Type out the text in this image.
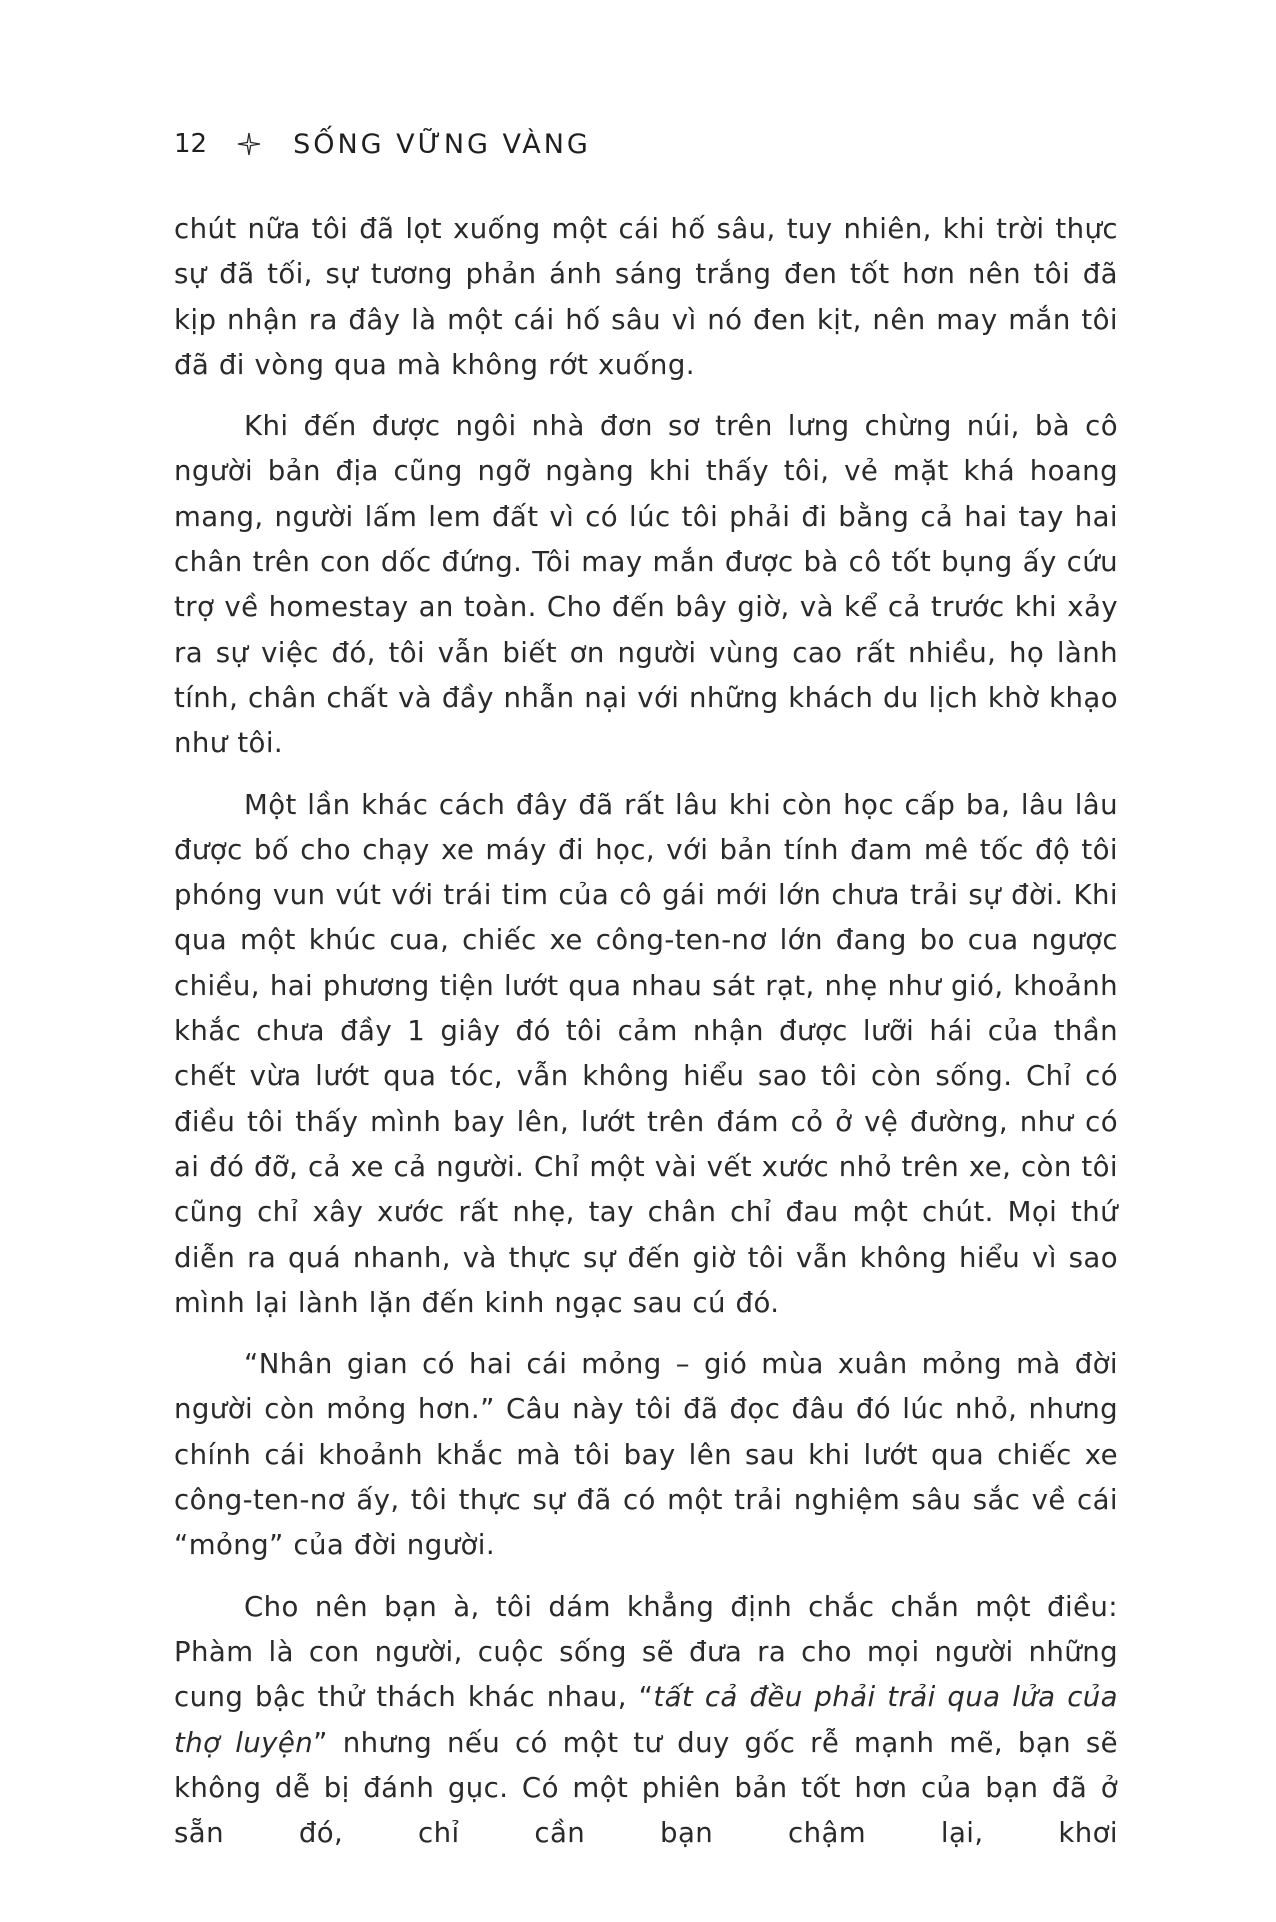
12	SỐNG VỮNG VÀNG

chút nữa tôi đã lọt xuống một cái hố sâu, tuy nhiên, khi trời thực sự đã tối, sự tương phản ánh sáng trắng đen tốt hơn nên tôi đã kịp nhận ra đây là một cái hố sâu vì nó đen kịt, nên may mắn tôi đã đi vòng qua mà không rớt xuống.

Khi đến được ngôi nhà đơn sơ trên lưng chừng núi, bà cô người bản địa cũng ngỡ ngàng khi thấy tôi, vẻ mặt khá hoang mang, người lấm lem đất vì có lúc tôi phải đi bằng cả hai tay hai chân trên con dốc đứng. Tôi may mắn được bà cô tốt bụng ấy cứu trợ về homestay an toàn. Cho đến bây giờ, và kể cả trước khi xảy ra sự việc đó, tôi vẫn biết ơn người vùng cao rất nhiều, họ lành tính, chân chất và đầy nhẫn nại với những khách du lịch khờ khạo như tôi.

Một lần khác cách đây đã rất lâu khi còn học cấp ba, lâu lâu được bố cho chạy xe máy đi học, với bản tính đam mê tốc độ tôi phóng vun vút với trái tim của cô gái mới lớn chưa trải sự đời. Khi qua một khúc cua, chiếc xe công-ten-nơ lớn đang bo cua ngược chiều, hai phương tiện lướt qua nhau sát rạt, nhẹ như gió, khoảnh khắc chưa đầy 1 giây đó tôi cảm nhận được lưỡi hái của thần chết vừa lướt qua tóc, vẫn không hiểu sao tôi còn sống. Chỉ có điều tôi thấy mình bay lên, lướt trên đám cỏ ở vệ đường, như có ai đó đỡ, cả xe cả người. Chỉ một vài vết xước nhỏ trên xe, còn tôi cũng chỉ xây xước rất nhẹ, tay chân chỉ đau một chút. Mọi thứ diễn ra quá nhanh, và thực sự đến giờ tôi vẫn không hiểu vì sao mình lại lành lặn đến kinh ngạc sau cú đó.

“Nhân gian có hai cái mỏng – gió mùa xuân mỏng mà đời người còn mỏng hơn.” Câu này tôi đã đọc đâu đó lúc nhỏ, nhưng chính cái khoảnh khắc mà tôi bay lên sau khi lướt qua chiếc xe công-ten-nơ ấy, tôi thực sự đã có một trải nghiệm sâu sắc về cái “mỏng” của đời người.

Cho nên bạn à, tôi dám khẳng định chắc chắn một điều: Phàm là con người, cuộc sống sẽ đưa ra cho mọi người những cung bậc thử thách khác nhau, “tất cả đều phải trải qua lửa của thợ luyện” nhưng nếu có một tư duy gốc rễ mạnh mẽ, bạn sẽ không dễ bị đánh gục. Có một phiên bản tốt hơn của bạn đã ở sẵn đó, chỉ cần bạn chậm lại, khơi
